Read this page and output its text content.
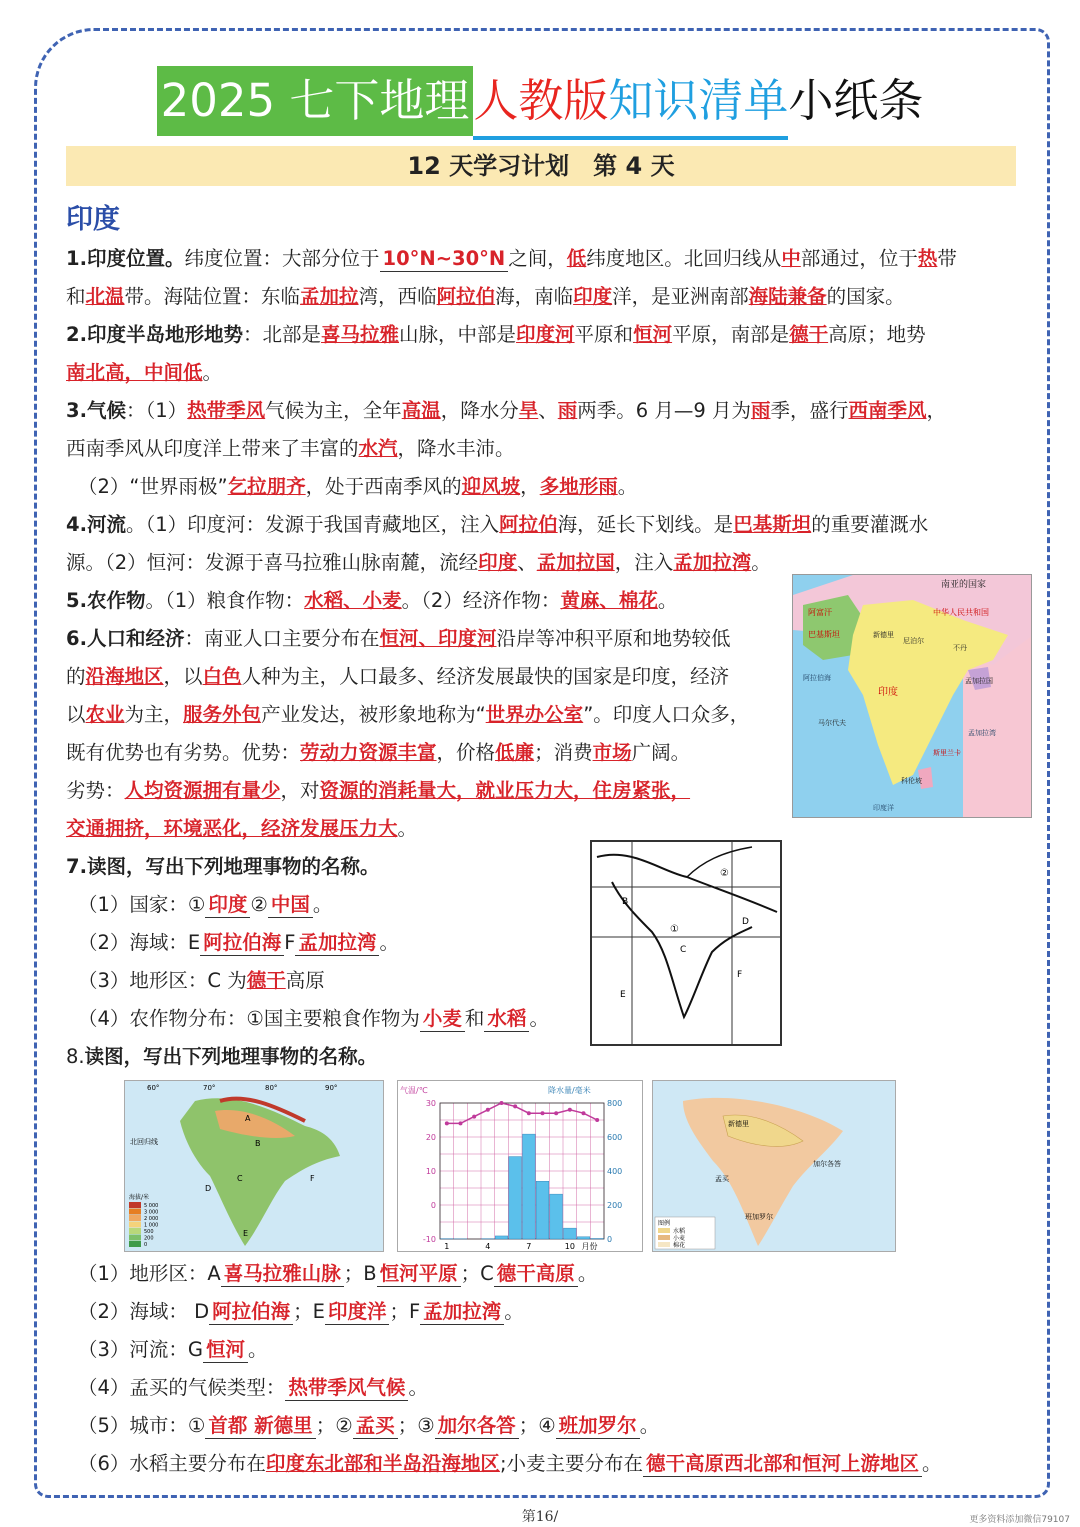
2025 七下地理人教版知识清单小纸条
12 天学习计划　第 4 天
印度
1.印度位置。纬度位置：大部分位于 10°N~30°N 之间，低纬度地区。北回归线从中部通过，位于热带
和北温带。海陆位置：东临孟加拉湾，西临阿拉伯海，南临印度洋，是亚洲南部海陆兼备的国家。
2.印度半岛地形地势：北部是喜马拉雅山脉，中部是印度河平原和恒河平原，南部是德干高原；地势
南北高，中间低。
3.气候：（1）热带季风气候为主，全年高温，降水分旱、雨两季。6 月—9 月为雨季，盛行西南季风，
西南季风从印度洋上带来了丰富的水汽，降水丰沛。
（2）“世界雨极”乞拉朋齐，处于西南季风的迎风坡，多地形雨。
4.河流。（1）印度河：发源于我国青藏地区，注入阿拉伯海，延长下划线。是巴基斯坦的重要灌溉水
源。（2）恒河：发源于喜马拉雅山脉南麓，流经印度、孟加拉国，注入孟加拉湾。
5.农作物。（1）粮食作物：水稻、小麦。（2）经济作物：黄麻、棉花。
6.人口和经济：南亚人口主要分布在恒河、印度河沿岸等冲积平原和地势较低
的沿海地区，以白色人种为主，人口最多、经济发展最快的国家是印度，经济
以农业为主，服务外包产业发达，被形象地称为“世界办公室”。印度人口众多，
既有优势也有劣势。优势：劳动力资源丰富，价格低廉；消费市场广阔。
劣势：人均资源拥有量少，对资源的消耗量大，就业压力大，住房紧张，
交通拥挤，环境恶化，经济发展压力大。
7.读图，写出下列地理事物的名称。
（1）国家：① 印度 ② 中国 。
（2）海域：E 阿拉伯海 F 孟加拉湾 。
（3）地形区：C 为德干高原
（4）农作物分布：①国主要粮食作物为 小麦 和 水稻 。
8.读图，写出下列地理事物的名称。
（1）地形区：A 喜马拉雅山脉 ；B 恒河平原 ；C 德干高原 。
（2）海域： D 阿拉伯海 ；E 印度洋 ；F 孟加拉湾 。
（3）河流：G 恒河 。
（4）孟买的气候类型： 热带季风气候 。
（5）城市：① 首都 新德里 ；② 孟买 ；③ 加尔各答 ；④ 班加罗尔 。
（6）水稻主要分布在印度东北部和半岛沿海地区;小麦主要分布在 德干高原西北部和恒河上游地区 。
南亚的国家
阿富汗
巴基斯坦
中华人民共和国
新德里
尼泊尔
不丹
孟加拉国
印度
科伦坡
斯里兰卡
马尔代夫
阿拉伯海
孟加拉湾
印度洋
②
①
B
C
D
E
F
60°	70°	80°	90°
A
B
C
D
E
F
北回归线
海拔/米
5 000
3 000
2 000
1 000
500
200
0
气温/℃	降水量/毫米
30
20
10
0
-10
800
600
400
200
0
1	4	7	10 月份
新德里
孟买
加尔各答
班加罗尔
图例
水稻
小麦
棉花
第16/	更多资料添加微信79107
